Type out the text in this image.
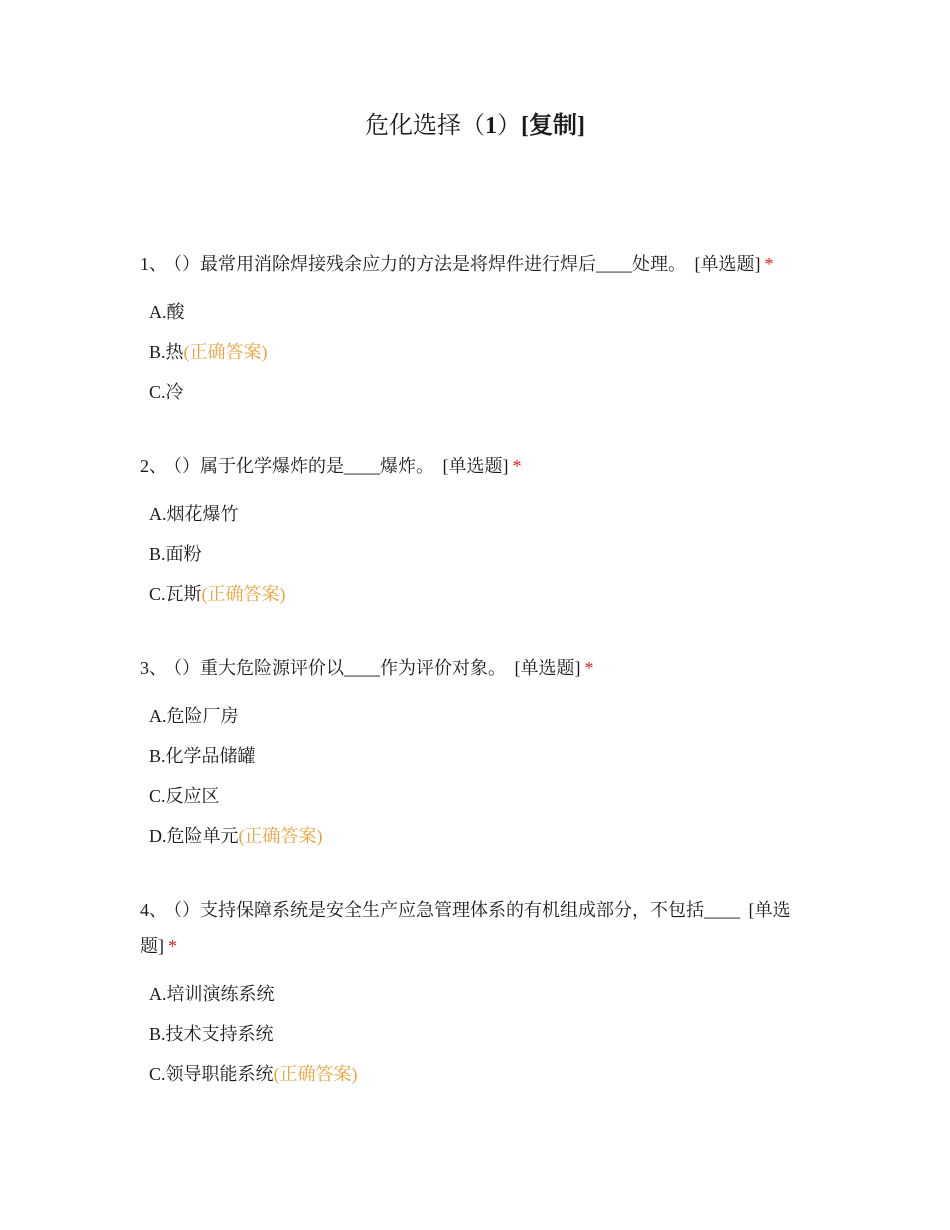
危化选择（1）[复制]
1、 （）最常用消除焊接残余应力的方法是将焊件进行焊后____处理。 [单选题] *
A.酸
B.热(正确答案)
C.冷
2、 （）属于化学爆炸的是____爆炸。 [单选题] *
A.烟花爆竹
B.面粉
C.瓦斯(正确答案)
3、 （）重大危险源评价以____作为评价对象。 [单选题] *
A.危险厂房
B.化学品储罐
C.反应区
D.危险单元(正确答案)
4、 （）支持保障系统是安全生产应急管理体系的有机组成部分，不包括____ [单选题] *
A.培训演练系统
B.技术支持系统
C.领导职能系统(正确答案)
